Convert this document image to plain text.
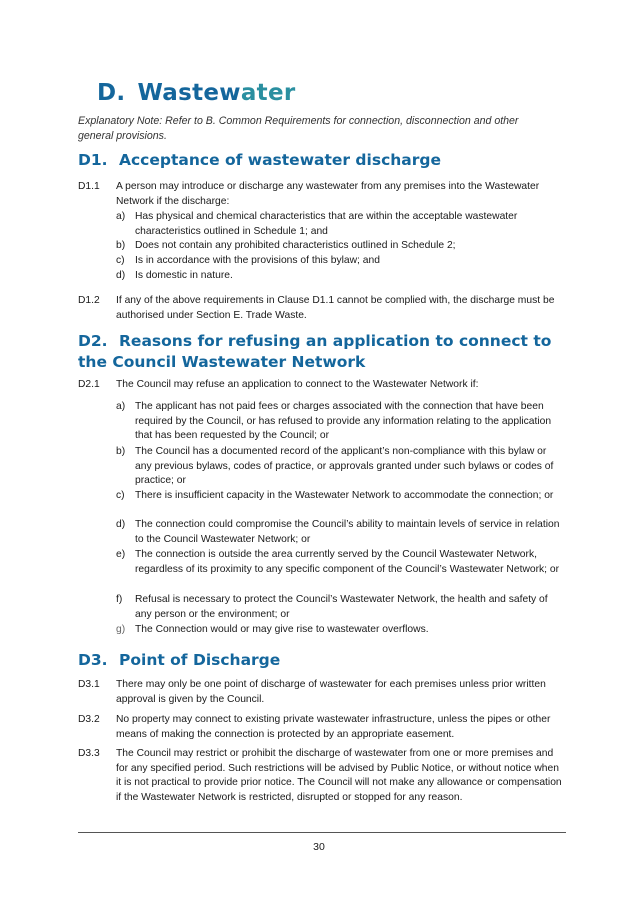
D. Wastewater
Explanatory Note: Refer to B. Common Requirements for connection, disconnection and other general provisions.
D1. Acceptance of wastewater discharge
D1.1 A person may introduce or discharge any wastewater from any premises into the Wastewater Network if the discharge:
a) Has physical and chemical characteristics that are within the acceptable wastewater characteristics outlined in Schedule 1; and
b) Does not contain any prohibited characteristics outlined in Schedule 2;
c) Is in accordance with the provisions of this bylaw; and
d) Is domestic in nature.
D1.2 If any of the above requirements in Clause D1.1 cannot be complied with, the discharge must be authorised under Section E. Trade Waste.
D2. Reasons for refusing an application to connect to the Council Wastewater Network
D2.1 The Council may refuse an application to connect to the Wastewater Network if:
a) The applicant has not paid fees or charges associated with the connection that have been required by the Council, or has refused to provide any information relating to the application that has been requested by the Council; or
b) The Council has a documented record of the applicant’s non-compliance with this bylaw or any previous bylaws, codes of practice, or approvals granted under such bylaws or codes of practice; or
c) There is insufficient capacity in the Wastewater Network to accommodate the connection; or
d) The connection could compromise the Council’s ability to maintain levels of service in relation to the Council Wastewater Network; or
e) The connection is outside the area currently served by the Council Wastewater Network, regardless of its proximity to any specific component of the Council’s Wastewater Network; or
f) Refusal is necessary to protect the Council’s Wastewater Network, the health and safety of any person or the environment; or
g) The Connection would or may give rise to wastewater overflows.
D3. Point of Discharge
D3.1 There may only be one point of discharge of wastewater for each premises unless prior written approval is given by the Council.
D3.2 No property may connect to existing private wastewater infrastructure, unless the pipes or other means of making the connection is protected by an appropriate easement.
D3.3 The Council may restrict or prohibit the discharge of wastewater from one or more premises and for any specified period. Such restrictions will be advised by Public Notice, or without notice when it is not practical to provide prior notice. The Council will not make any allowance or compensation if the Wastewater Network is restricted, disrupted or stopped for any reason.
30
